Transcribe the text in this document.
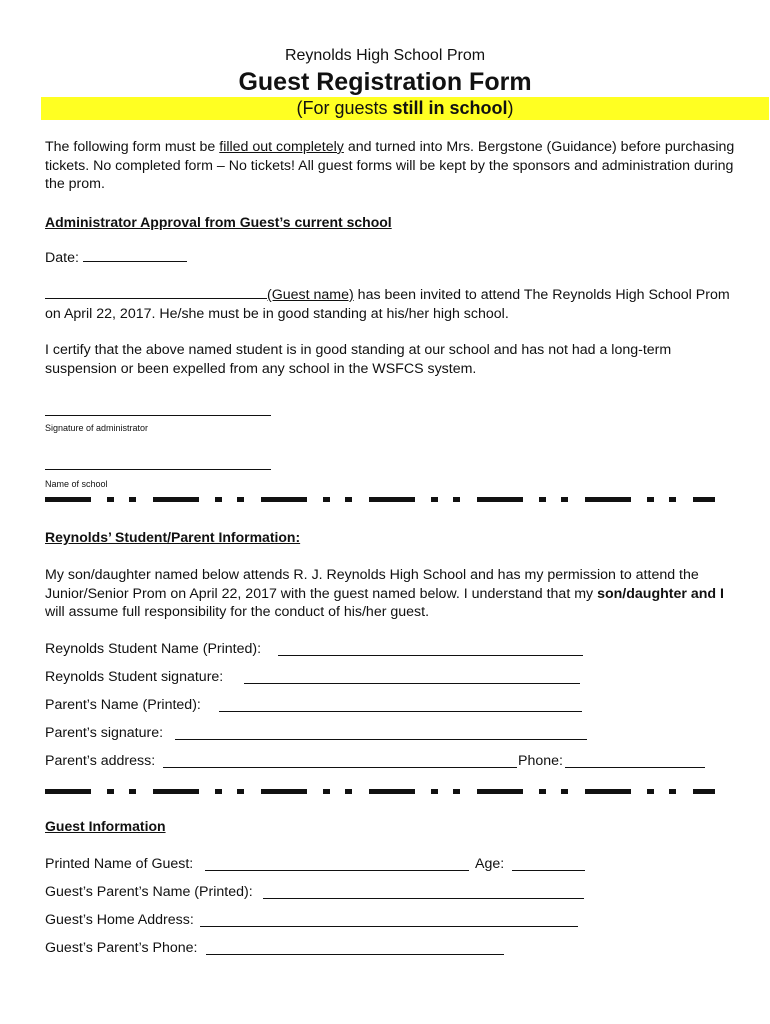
Reynolds High School Prom
Guest Registration Form
(For guests still in school)
The following form must be filled out completely and turned into Mrs. Bergstone (Guidance) before purchasing tickets. No completed form – No tickets! All guest forms will be kept by the sponsors and administration during the prom.
Administrator Approval from Guest’s current school
Date:
(Guest name) has been invited to attend The Reynolds High School Prom on April 22, 2017. He/she must be in good standing at his/her high school.
I certify that the above named student is in good standing at our school and has not had a long-term suspension or been expelled from any school in the WSFCS system.
Signature of administrator
Name of school
Reynolds’ Student/Parent Information:
My son/daughter named below attends R. J. Reynolds High School and has my permission to attend the Junior/Senior Prom on April 22, 2017 with the guest named below. I understand that my son/daughter and I will assume full responsibility for the conduct of his/her guest.
Reynolds Student Name (Printed):
Reynolds Student signature:
Parent’s Name (Printed):
Parent’s signature:
Parent’s address:	Phone:
Guest Information
Printed Name of Guest:	Age:
Guest’s Parent’s Name (Printed):
Guest’s Home Address:
Guest’s Parent’s Phone:
